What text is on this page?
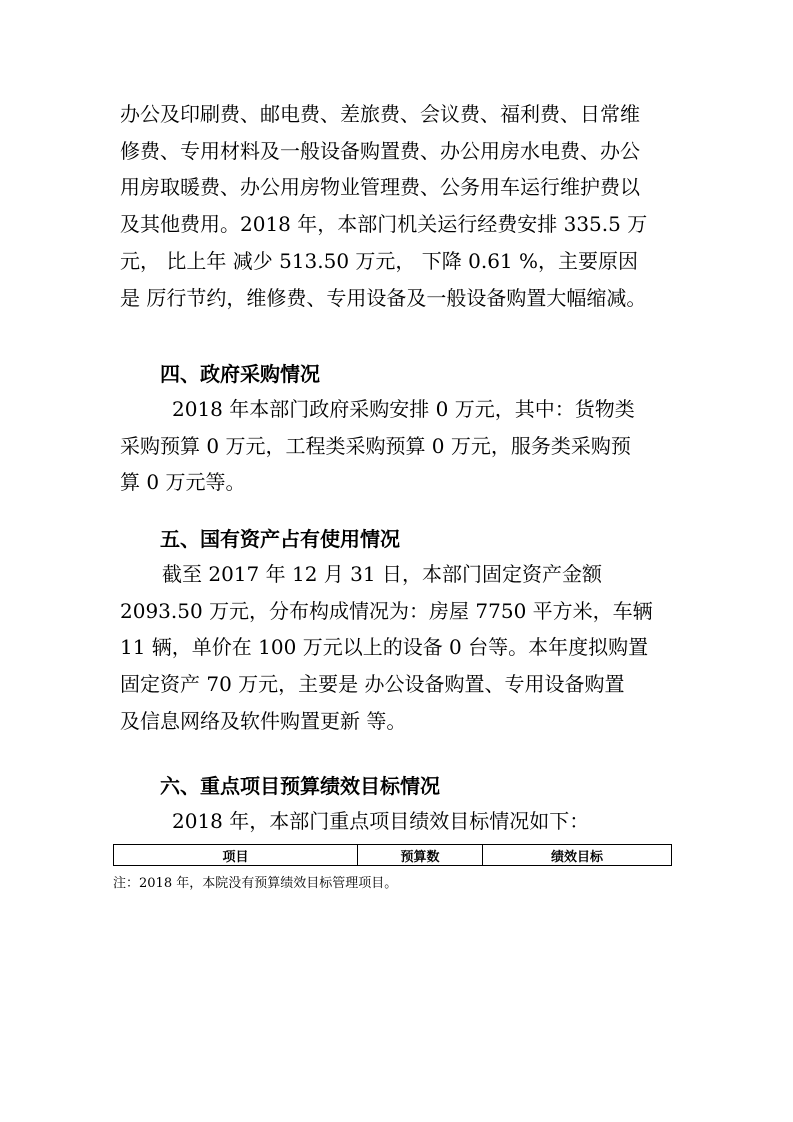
办公及印刷费、邮电费、差旅费、会议费、福利费、日常维

修费、专用材料及一般设备购置费、办公用房水电费、办公

用房取暖费、办公用房物业管理费、公务用车运行维护费以

及其他费用。2018 年，本部门机关运行经费安排 335.5 万

元， 比上年 减少 513.50 万元， 下降 0.61 %，主要原因

是 厉行节约，维修费、专用设备及一般设备购置大幅缩减。

四、政府采购情况

2018 年本部门政府采购安排 0 万元，其中：货物类

采购预算 0 万元，工程类采购预算 0 万元，服务类采购预

算 0 万元等。

五、国有资产占有使用情况

截至 2017 年 12 月 31 日，本部门固定资产金额

2093.50 万元，分布构成情况为：房屋 7750 平方米，车辆

11 辆，单价在 100 万元以上的设备 0 台等。本年度拟购置

固定资产 70 万元，主要是 办公设备购置、专用设备购置

及信息网络及软件购置更新 等。

六、重点项目预算绩效目标情况
2018 年，本部门重点项目绩效目标情况如下：
项目	预算数	绩效目标
注：2018 年，本院没有预算绩效目标管理项目。
